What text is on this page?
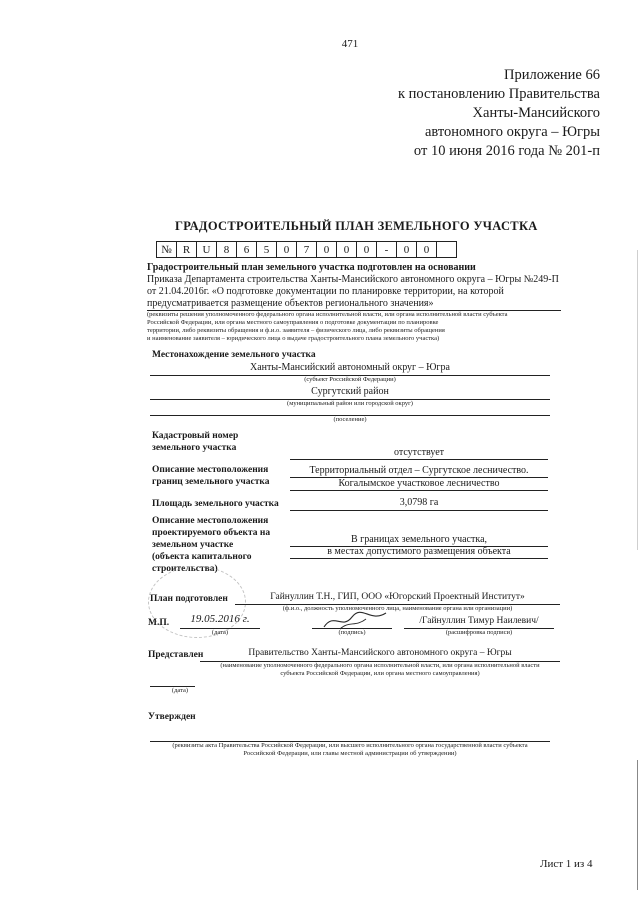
471
Приложение 66
к постановлению Правительства
Ханты-Мансийского
автономного округа – Югры
от 10 июня 2016 года № 201-п
ГРАДОСТРОИТЕЛЬНЫЙ ПЛАН ЗЕМЕЛЬНОГО УЧАСТКА
№	R	U	8	6	5	0	7	0	0	0	-	0	0	
Градостроительный план земельного участка подготовлен на основании
Приказа Департамента строительства Ханты-Мансийского автономного округа – Югры №249-П
от 21.04.2016г. «О подготовке документации по планировке территории, на которой
предусматривается размещение объектов регионального значения»
(реквизиты решения уполномоченного федерального органа исполнительной власти, или органа исполнительной власти субъекта
Российской Федерации, или органа местного самоуправления о подготовке документации по планировке
территории, либо реквизиты обращения и ф.и.о. заявителя – физического лица, либо реквизиты обращения
и наименование заявителя – юридического лица о выдаче градостроительного плана земельного участка)
Местонахождение земельного участка
Ханты-Мансийский автономный округ – Югра
(субъект Российской Федерации)
Сургутский район
(муниципальный район или городской округ)
(поселение)
Кадастровый номер
земельного участка	отсутствует
Описание местоположения
границ земельного участка
Территориальный отдел – Сургутское лесничество.
Когалымское участковое лесничество
Площадь земельного участка	3,0798 га
Описание местоположения
проектируемого объекта на
земельном участке
(объекта капитального
строительства)
В границах земельного участка,
в местах допустимого размещения объекта
План подготовлен	Гайнуллин Т.Н., ГИП, ООО «Югорский Проектный Институт»
(ф.и.о., должность уполномоченного лица, наименование органа или организации)
М.П.	19.05.2016 г.
(дата)	(подпись)
/Гайнуллин Тимур Наилевич/
(расшифровка подписи)
Представлен	Правительство Ханты-Мансийского автономного округа – Югры
(наименование уполномоченного федерального органа исполнительной власти, или органа исполнительной власти
субъекта Российской Федерации, или органа местного самоуправления)
(дата)
Утвержден
(реквизиты акта Правительства Российской Федерации, или высшего исполнительного органа государственной власти субъекта
Российской Федерации, или главы местной администрации об утверждении)
Лист 1 из 4
